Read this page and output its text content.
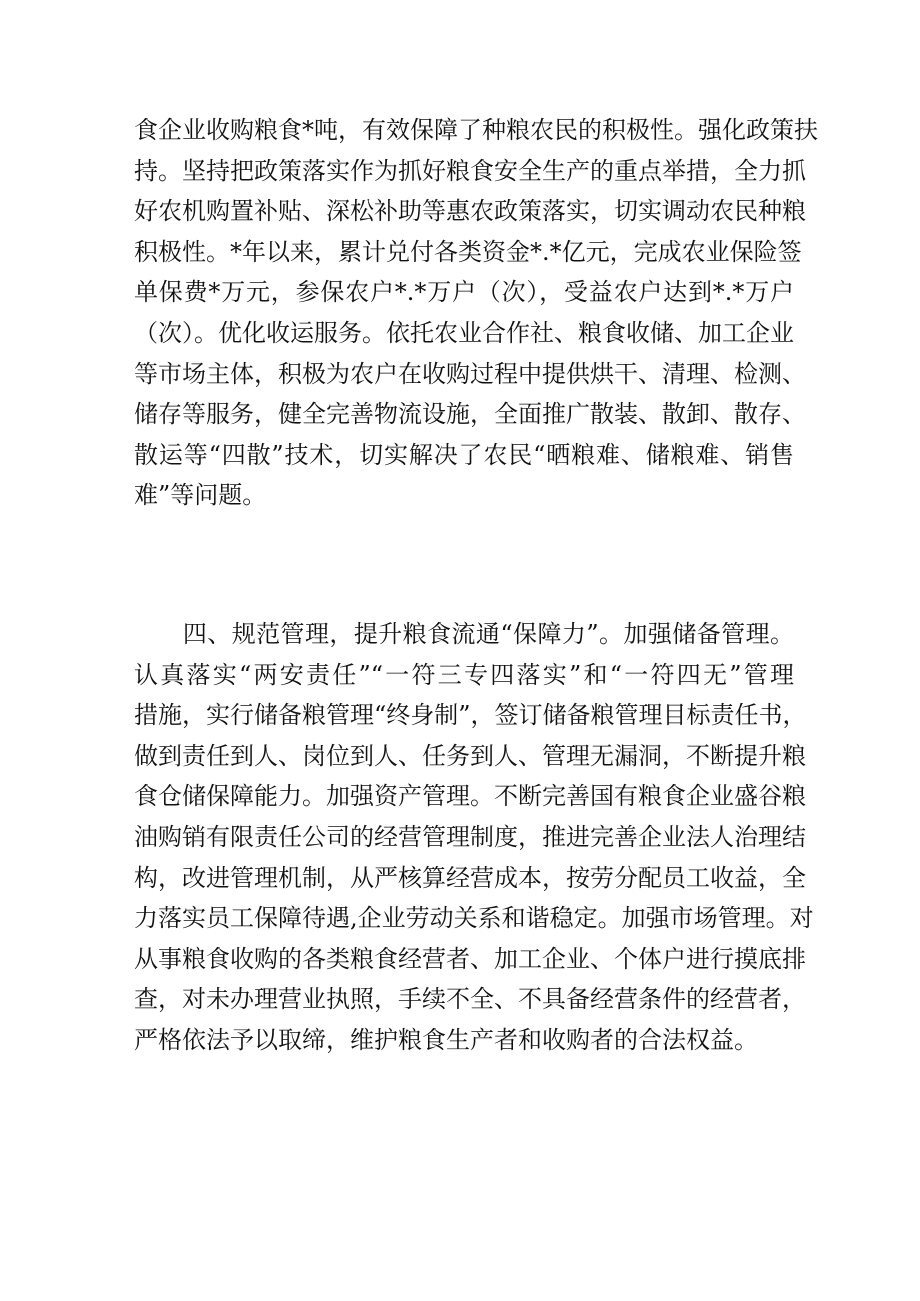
食企业收购粮食*吨，有效保障了种粮农民的积极性。强化政策扶
持。坚持把政策落实作为抓好粮食安全生产的重点举措，全力抓
好农机购置补贴、深松补助等惠农政策落实，切实调动农民种粮
积极性。*年以来，累计兑付各类资金*.*亿元，完成农业保险签
单保费*万元，参保农户*.*万户（次），受益农户达到*.*万户
（次）。优化收运服务。依托农业合作社、粮食收储、加工企业
等市场主体，积极为农户在收购过程中提供烘干、清理、检测、
储存等服务，健全完善物流设施，全面推广散装、散卸、散存、
散运等“四散”技术，切实解决了农民“晒粮难、储粮难、销售
难”等问题。
　　四、规范管理，提升粮食流通“保障力”。加强储备管理。
认真落实“两安责任”“一符三专四落实”和“一符四无”管理
措施，实行储备粮管理“终身制”，签订储备粮管理目标责任书，
做到责任到人、岗位到人、任务到人、管理无漏洞，不断提升粮
食仓储保障能力。加强资产管理。不断完善国有粮食企业盛谷粮
油购销有限责任公司的经营管理制度，推进完善企业法人治理结
构，改进管理机制，从严核算经营成本，按劳分配员工收益，全
力落实员工保障待遇,企业劳动关系和谐稳定。加强市场管理。对
从事粮食收购的各类粮食经营者、加工企业、个体户进行摸底排
查，对未办理营业执照，手续不全、不具备经营条件的经营者，
严格依法予以取缔，维护粮食生产者和收购者的合法权益。
